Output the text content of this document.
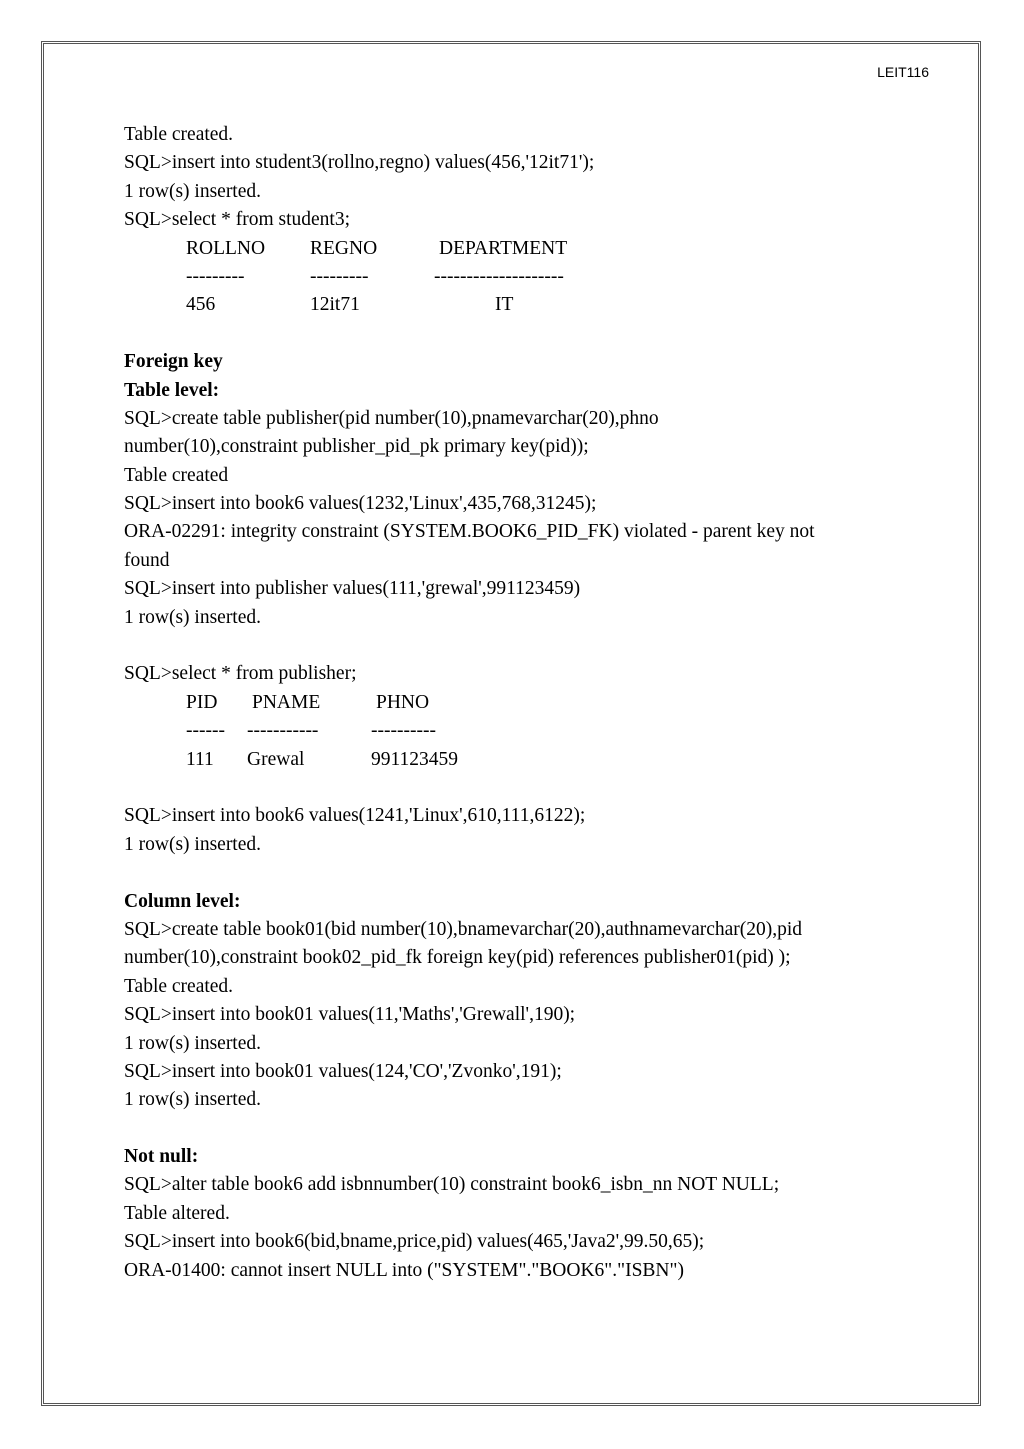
LEIT116
Table created.
SQL>insert into student3(rollno,regno) values(456,'12it71');
1 row(s) inserted.
SQL>select * from student3;
ROLLNO REGNO	DEPARTMENT
---------	---------	--------------------
456	12it71	IT
Foreign key
Table level:
SQL>create table publisher(pid number(10),pnamevarchar(20),phno
number(10),constraint publisher_pid_pk primary key(pid));
Table created
SQL>insert into book6 values(1232,'Linux',435,768,31245);
ORA-02291: integrity constraint (SYSTEM.BOOK6_PID_FK) violated - parent key not
found
SQL>insert into publisher values(111,'grewal',991123459)
1 row(s) inserted.
SQL>select * from publisher;
PID PNAME	PHNO
------ -----------	----------
111 Grewal	991123459
SQL>insert into book6 values(1241,'Linux',610,111,6122);
1 row(s) inserted.
Column level:
SQL>create table book01(bid number(10),bnamevarchar(20),authnamevarchar(20),pid
number(10),constraint book02_pid_fk foreign key(pid) references publisher01(pid) );
Table created.
SQL>insert into book01 values(11,'Maths','Grewall',190);
1 row(s) inserted.
SQL>insert into book01 values(124,'CO','Zvonko',191);
1 row(s) inserted.
Not null:
SQL>alter table book6 add isbnnumber(10) constraint book6_isbn_nn NOT NULL;
Table altered.
SQL>insert into book6(bid,bname,price,pid) values(465,'Java2',99.50,65);
ORA-01400: cannot insert NULL into ("SYSTEM"."BOOK6"."ISBN")
